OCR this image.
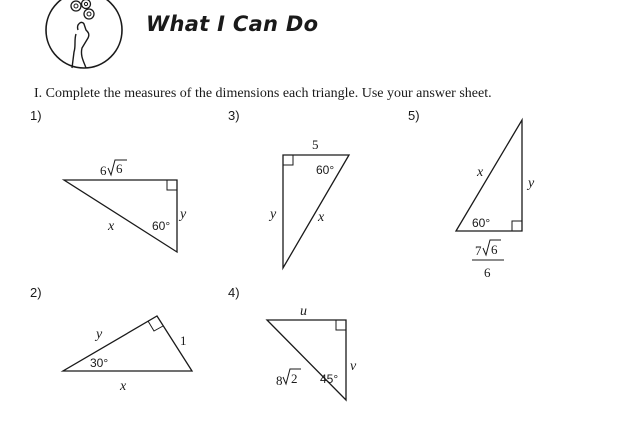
What I Can Do
I. Complete the measures of the dimensions each triangle. Use your answer sheet.
1)
2)
3)
4)
5)
6 6
x
y
60°
y	1
30°
x
5
60°
y	x
u
8 2 45°
v
x
y
60°
7 6
6
